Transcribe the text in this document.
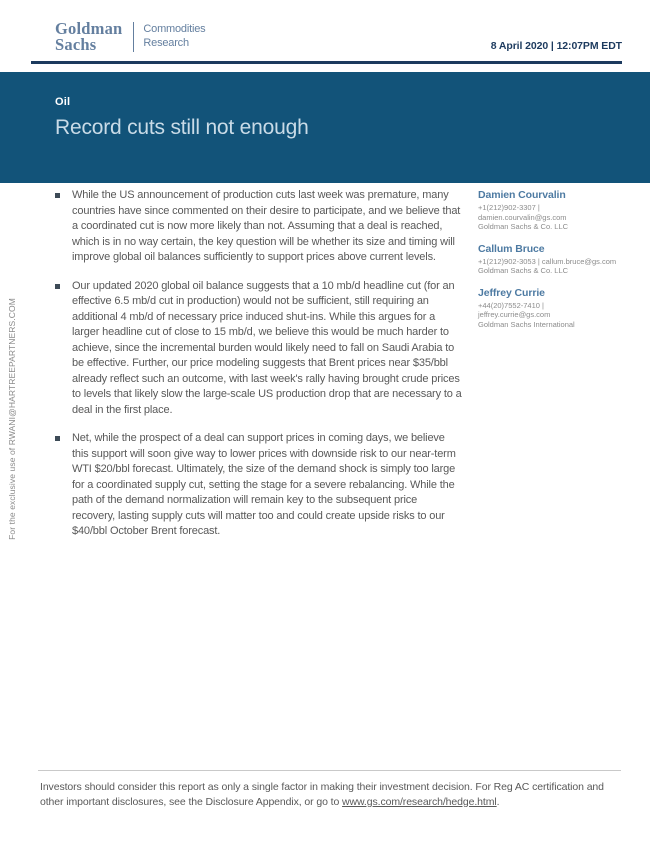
Goldman
Sachs
Commodities
Research	8 April 2020 | 12:07PM EDT
Oil
Record cuts still not enough
While the US announcement of production cuts last week was premature, many countries have since commented on their desire to participate, and we believe that a coordinated cut is now more likely than not. Assuming that a deal is reached, which is in no way certain, the key question will be whether its size and timing will improve global oil balances sufficiently to support prices above current levels.
Our updated 2020 global oil balance suggests that a 10 mb/d headline cut (for an effective 6.5 mb/d cut in production) would not be sufficient, still requiring an additional 4 mb/d of necessary price induced shut-ins. While this argues for a larger headline cut of close to 15 mb/d, we believe this would be much harder to achieve, since the incremental burden would likely need to fall on Saudi Arabia to be effective. Further, our price modeling suggests that Brent prices near $35/bbl already reflect such an outcome, with last week's rally having brought crude prices to levels that likely slow the large-scale US production drop that are necessary to a deal in the first place.
Net, while the prospect of a deal can support prices in coming days, we believe this support will soon give way to lower prices with downside risk to our near-term WTI $20/bbl forecast. Ultimately, the size of the demand shock is simply too large for a coordinated supply cut, setting the stage for a severe rebalancing. While the path of the demand normalization will remain key to the subsequent price recovery, lasting supply cuts will matter too and could create upside risks to our $40/bbl October Brent forecast.
Damien Courvalin
+1(212)902-3307 |
damien.courvalin@gs.com
Goldman Sachs & Co. LLC
Callum Bruce
+1(212)902-3053 | callum.bruce@gs.com
Goldman Sachs & Co. LLC
Jeffrey Currie
+44(20)7552-7410 |
jeffrey.currie@gs.com
Goldman Sachs International
For the exclusive use of RWANI@HARTREEPARTNERS.COM
Investors should consider this report as only a single factor in making their investment decision. For Reg AC certification and other important disclosures, see the Disclosure Appendix, or go to www.gs.com/research/hedge.html.
